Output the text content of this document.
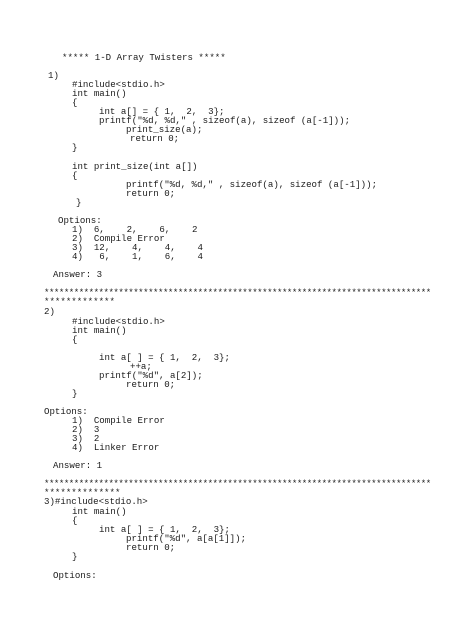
***** 1-D Array Twisters *****
1)
#include<stdio.h>
int main()
{
int a[] = { 1,  2,  3};
printf("%d, %d," , sizeof(a), sizeof (a[-1]));
print_size(a);
return 0;
}
int print_size(int a[])
{
printf("%d, %d," , sizeof(a), sizeof (a[-1]));
return 0;
}
Options:
1)  6,    2,    6,    2
2)  Compile Error
3)  12,    4,    4,    4
4)   6,    1,    6,    4
Answer: 3
******************************************************************************
*************
2)
#include<stdio.h>
int main()
{
int a[ ] = { 1,  2,  3};
++a;
printf("%d", a[2]);
return 0;
}
Options:
1)  Compile Error
2)  3
3)  2
4)  Linker Error
Answer: 1
******************************************************************************
**************
3)#include<stdio.h>
int main()
{
int a[ ] = { 1,  2,  3};
printf("%d", a[a[1]]);
return 0;
}
Options:
